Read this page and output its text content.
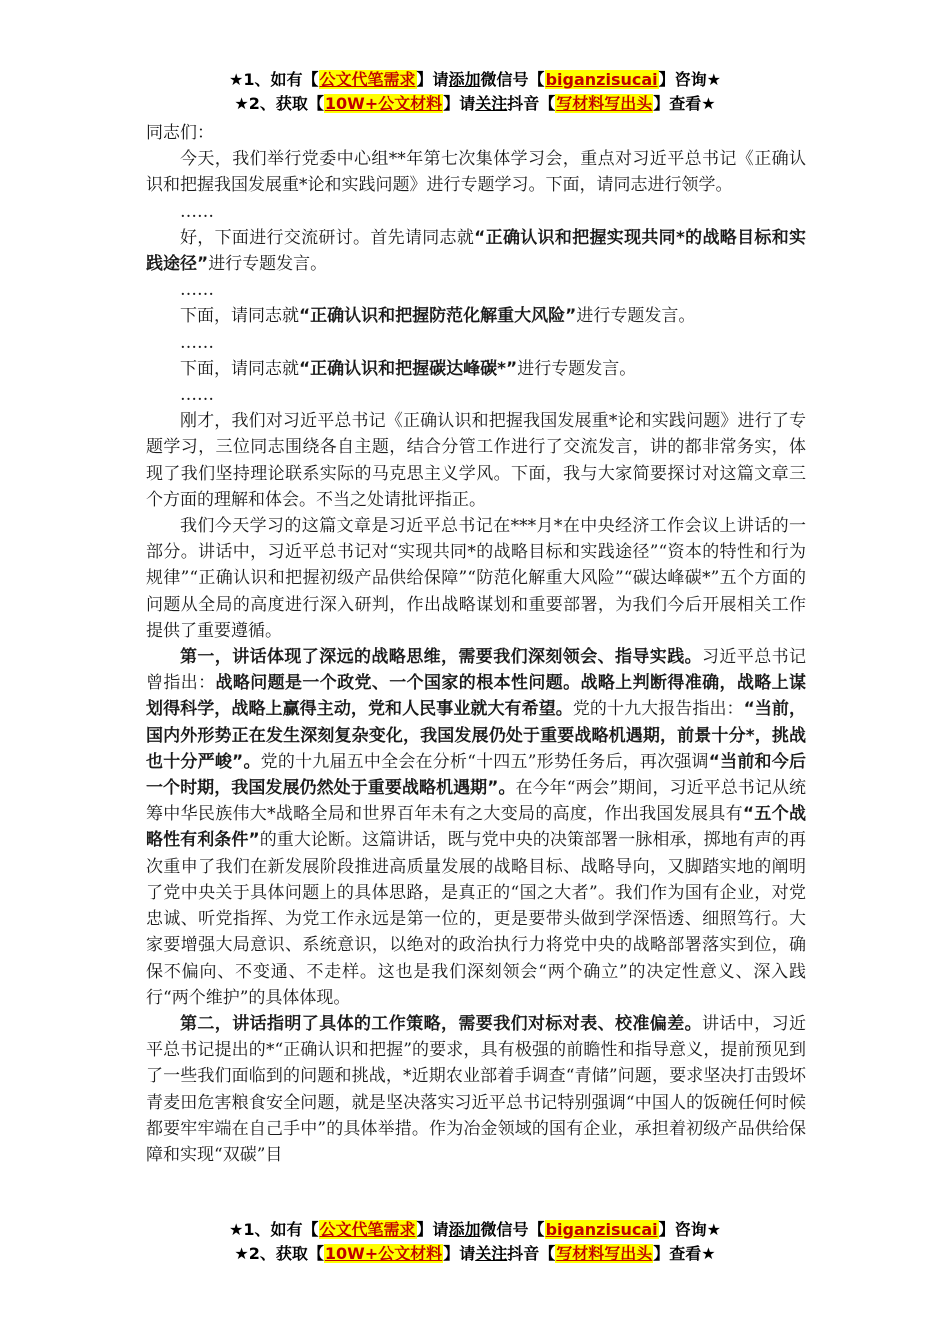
★1、如有【公文代笔需求】请添加微信号【biganzisucai】咨询★
★2、获取【10W+公文材料】请关注抖音【写材料写出头】查看★

同志们：

今天，我们举行党委中心组**年第七次集体学习会，重点对习近平总书记《正确认识和把握我国发展重*论和实践问题》进行专题学习。下面，请同志进行领学。

……

好，下面进行交流研讨。首先请同志就“正确认识和把握实现共同*的战略目标和实践途径”进行专题发言。

……

下面，请同志就“正确认识和把握防范化解重大风险”进行专题发言。

……

下面，请同志就“正确认识和把握碳达峰碳*”进行专题发言。

……

刚才，我们对习近平总书记《正确认识和把握我国发展重*论和实践问题》进行了专题学习，三位同志围绕各自主题，结合分管工作进行了交流发言，讲的都非常务实，体现了我们坚持理论联系实际的马克思主义学风。下面，我与大家简要探讨对这篇文章三个方面的理解和体会。不当之处请批评指正。

我们今天学习的这篇文章是习近平总书记在***月*在中央经济工作会议上讲话的一部分。讲话中，习近平总书记对“实现共同*的战略目标和实践途径”“资本的特性和行为规律”“正确认识和把握初级产品供给保障”“防范化解重大风险”“碳达峰碳*”五个方面的问题从全局的高度进行深入研判，作出战略谋划和重要部署，为我们今后开展相关工作提供了重要遵循。

第一，讲话体现了深远的战略思维，需要我们深刻领会、指导实践。习近平总书记曾指出：战略问题是一个政党、一个国家的根本性问题。战略上判断得准确，战略上谋划得科学，战略上赢得主动，党和人民事业就大有希望。党的十九大报告指出：“当前，国内外形势正在发生深刻复杂变化，我国发展仍处于重要战略机遇期，前景十分*，挑战也十分严峻”。党的十九届五中全会在分析“十四五”形势任务后，再次强调“当前和今后一个时期，我国发展仍然处于重要战略机遇期”。在今年“两会”期间，习近平总书记从统筹中华民族伟大*战略全局和世界百年未有之大变局的高度，作出我国发展具有“五个战略性有利条件”的重大论断。这篇讲话，既与党中央的决策部署一脉相承，掷地有声的再次重申了我们在新发展阶段推进高质量发展的战略目标、战略导向，又脚踏实地的阐明了党中央关于具体问题上的具体思路，是真正的“国之大者”。我们作为国有企业，对党忠诚、听党指挥、为党工作永远是第一位的，更是要带头做到学深悟透、细照笃行。大家要增强大局意识、系统意识，以绝对的政治执行力将党中央的战略部署落实到位，确保不偏向、不变通、不走样。这也是我们深刻领会“两个确立”的决定性意义、深入践行“两个维护”的具体体现。

第二，讲话指明了具体的工作策略，需要我们对标对表、校准偏差。讲话中，习近平总书记提出的*“正确认识和把握”的要求，具有极强的前瞻性和指导意义，提前预见到了一些我们面临到的问题和挑战，*近期农业部着手调查“青储”问题，要求坚决打击毁坏青麦田危害粮食安全问题，就是坚决落实习近平总书记特别强调“中国人的饭碗任何时候都要牢牢端在自己手中”的具体举措。作为冶金领域的国有企业，承担着初级产品供给保障和实现“双碳”目

★1、如有【公文代笔需求】请添加微信号【biganzisucai】咨询★
★2、获取【10W+公文材料】请关注抖音【写材料写出头】查看★
